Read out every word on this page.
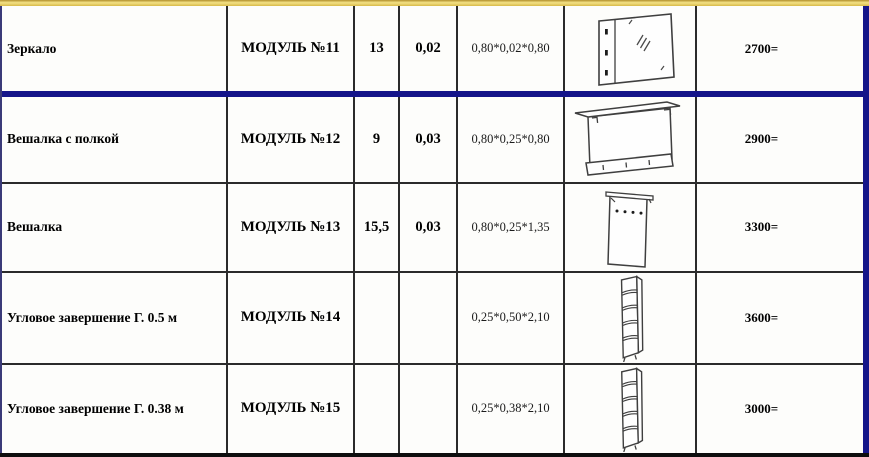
Зеркало	МОДУЛЬ №11	13	0,02	0,80*0,02*0,80		2700=
Вешалка с полкой	МОДУЛЬ №12	9	0,03	0,80*0,25*0,80		2900=
Вешалка	МОДУЛЬ №13	15,5	0,03	0,80*0,25*1,35		3300=
Угловое завершение Г. 0.5 м	МОДУЛЬ №14			0,25*0,50*2,10		3600=
Угловое завершение Г. 0.38 м	МОДУЛЬ №15			0,25*0,38*2,10		3000=
